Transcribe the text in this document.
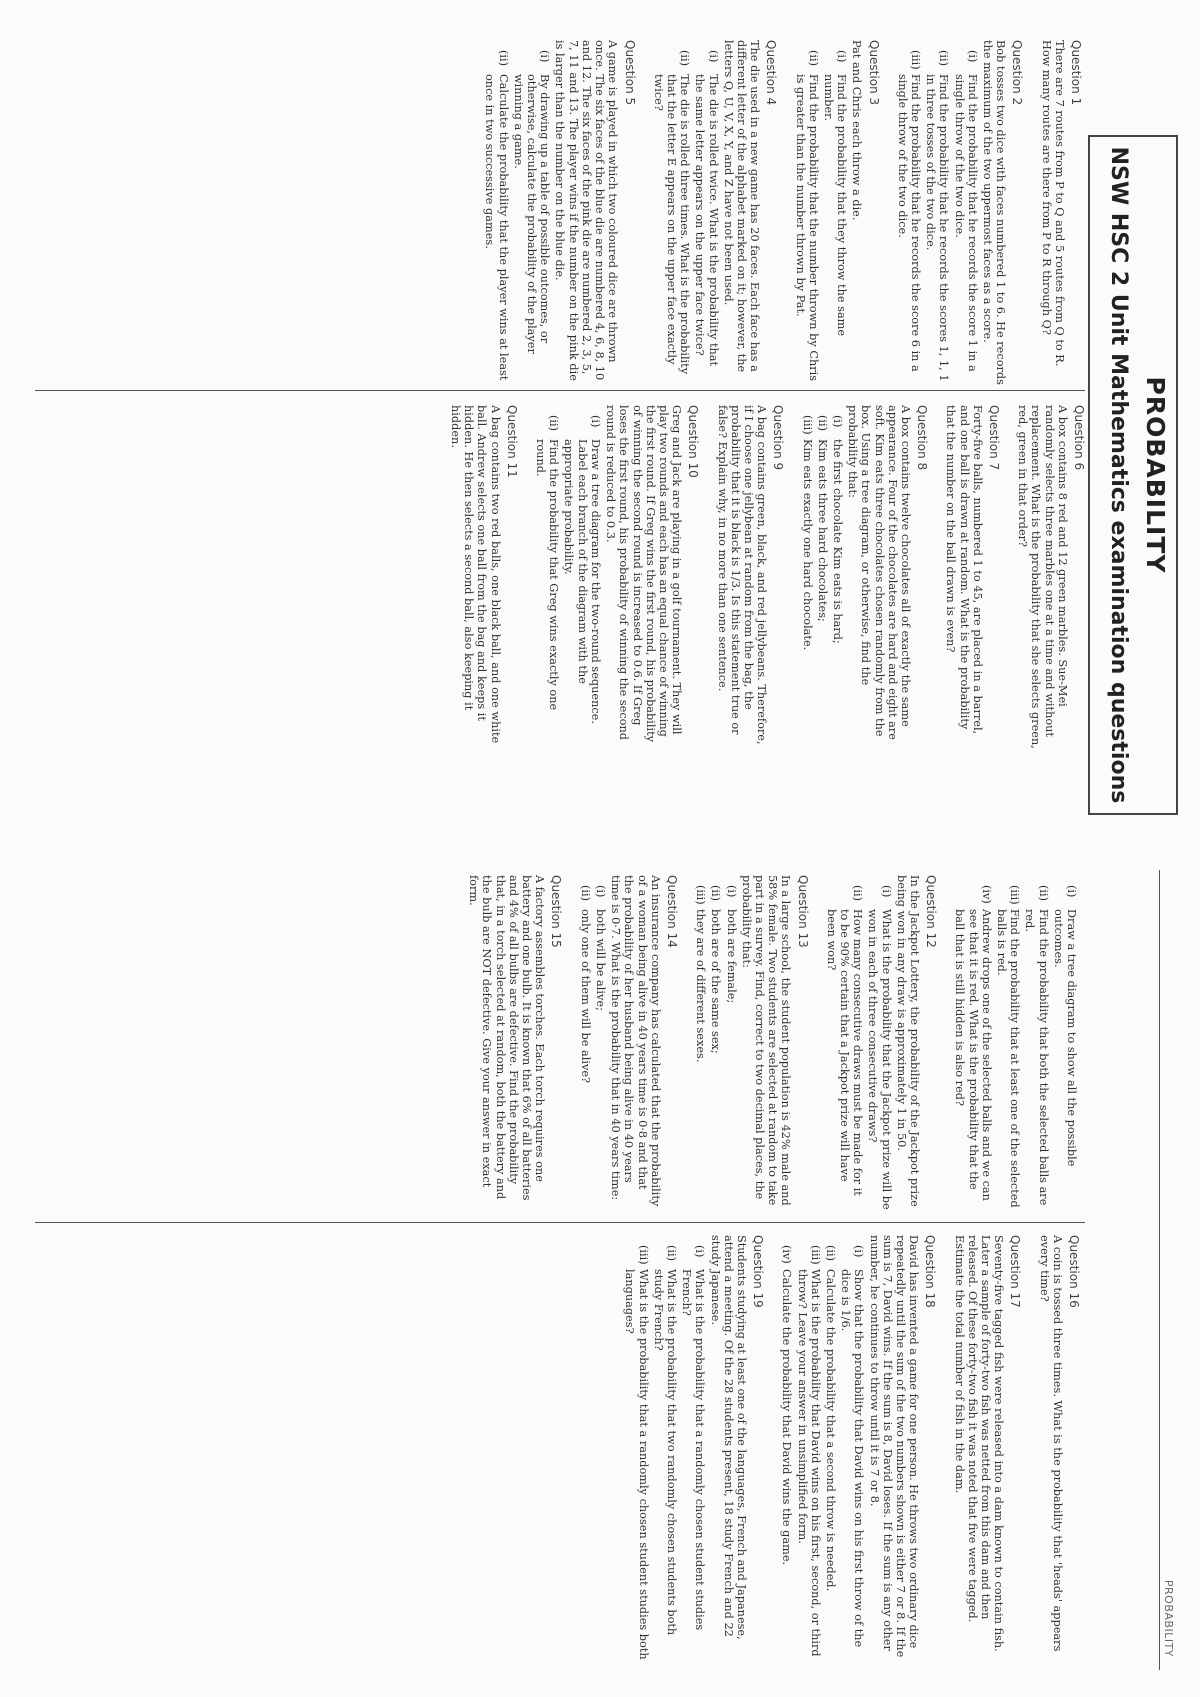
PROBABILITY
PROBABILITY
NSW HSC 2 Unit Mathematics examination questions
Question 1

There are 7 routes from P to Q and 5 routes from Q to R. How many routes are there from P to R through Q?

Question 2

Bob tosses two dice with faces numbered 1 to 6. He records the maximum of the two uppermost faces as a score.

(i)
Find the probability that he records the score 1 in a single throw of the two dice.
(ii)
Find the probability that he records the scores 1, 1, 1 in three tosses of the two dice.
(iii)
Find the probability that he records the score 6 in a single throw of the two dice.
Question 3

Pat and Chris each throw a die.

(i)
Find the probability that they throw the same number.
(ii)
Find the probability that the number thrown by Chris is greater than the number thrown by Pat.
Question 4

The die used in a new game has 20 faces. Each face has a different letter of the alphabet marked on it; however, the letters Q, U, V, X, Y, and Z have not been used.

(i)
The die is rolled twice. What is the probability that the same letter appears on the upper face twice?
(ii)
The die is rolled three times. What is the probability that the letter E appears on the upper face exactly twice?
Question 5

A game is played in which two coloured dice are thrown once. The six faces of the blue die are numbered 4, 6, 8, 10 and 12. The six faces of the pink die are numbered 2, 3, 5, 7, 11 and 13. The player wins if the number on the pink die is larger than the number on the blue die.

(i)
By drawing up a table of possible outcomes, or otherwise, calculate the probability of the player winning a game.
(ii)
Calculate the probability that the player wins at least once in two successive games.
Question 6

A box contains 8 red and 12 green marbles. Sue-Mei randomly selects three marbles one at a time and without replacement. What is the probability that she selects green, red, green in that order?

Question 7

Forty-five balls, numbered 1 to 45, are placed in a barrel, and one ball is drawn at random. What is the probability that the number on the ball drawn is even?

Question 8

A box contains twelve chocolates all of exactly the same appearance. Four of the chocolates are hard and eight are soft. Kim eats three chocolates chosen randomly from the box. Using a tree diagram, or otherwise, find the probability that:

(i)
the first chocolate Kim eats is hard;
(ii)
Kim eats three hard chocolates;
(iii)
Kim eats exactly one hard chocolate.
Question 9

A bag contains green, black, and red jellybeans. Therefore, if I choose one jellybean at random from the bag, the probability that it is black is 1/3. Is this statement true or false? Explain why, in no more than one sentence.

Question 10

Greg and Jack are playing in a golf tournament. They will play two rounds and each has an equal chance of winning the first round. If Greg wins the first round, his probability of winning the second round is increased to 0.6. If Greg loses the first round, his probability of winning the second round is reduced to 0.3.

(i)
Draw a tree diagram for the two-round sequence. Label each branch of the diagram with the appropriate probability.
(ii)
Find the probability that Greg wins exactly one round.
Question 11

A bag contains two red balls, one black ball, and one white ball. Andrew selects one ball from the bag and keeps it hidden. He then selects a second ball, also keeping it hidden.

(i)
Draw a tree diagram to show all the possible outcomes.
(ii)
Find the probability that both the selected balls are red.
(iii)
Find the probability that at least one of the selected balls is red.
(iv)
Andrew drops one of the selected balls and we can see that it is red. What is the probability that the ball that is still hidden is also red?
Question 12

In the Jackpot Lottery, the probability of the Jackpot prize being won in any draw is approximately 1 in 50.

(i)
What is the probability that the Jackpot prize will be won in each of three consecutive draws?
(ii)
How many consecutive draws must be made for it to be 90% certain that a Jackpot prize will have been won?
Question 13

In a large school, the student population is 42% male and 58% female. Two students are selected at random to take part in a survey. Find, correct to two decimal places, the probability that:

(i)
both are female;
(ii)
both are of the same sex;
(iii)
they are of different sexes.
Question 14

An insurance company has calculated that the probability of a woman being alive in 40 years time is 0·8 and that the probability of her husband being alive in 40 years time is 0·7. What is the probability that in 40 years time:

(i)
both will be alive;
(ii)
only one of them will be alive?
Question 15

A factory assembles torches. Each torch requires one battery and one bulb. It is known that 6% of all batteries and 4% of all bulbs are defective. Find the probability that, in a torch selected at random, both the battery and the bulb are NOT defective. Give your answer in exact form.

Question 16

A coin is tossed three times. What is the probability that 'heads' appears every time?

Question 17

Seventy-five tagged fish were released into a dam known to contain fish. Later a sample of forty-two fish was netted from this dam and then released. Of these forty-two fish it was noted that five were tagged. Estimate the total number of fish in the dam.

Question 18

David has invented a game for one person. He throws two ordinary dice repeatedly until the sum of the two numbers shown is either 7 or 8. If the sum is 7, David wins. If the sum is 8, David loses. If the sum is any other number, he continues to throw until it is 7 or 8.

(i)
Show that the probability that David wins on his first throw of the dice is 1/6.
(ii)
Calculate the probability that a second throw is needed.
(iii)
What is the probability that David wins on his first, second, or third throw? Leave your answer in unsimplified form.
(iv)
Calculate the probability that David wins the game.
Question 19

Students studying at least one of the languages, French and Japanese, attend a meeting. Of the 28 students present, 18 study French and 22 study Japanese.

(i)
What is the probability that a randomly chosen student studies French?
(ii)
What is the probability that two randomly chosen students both study French?
(iii)
What is the probability that a randomly chosen student studies both languages?
